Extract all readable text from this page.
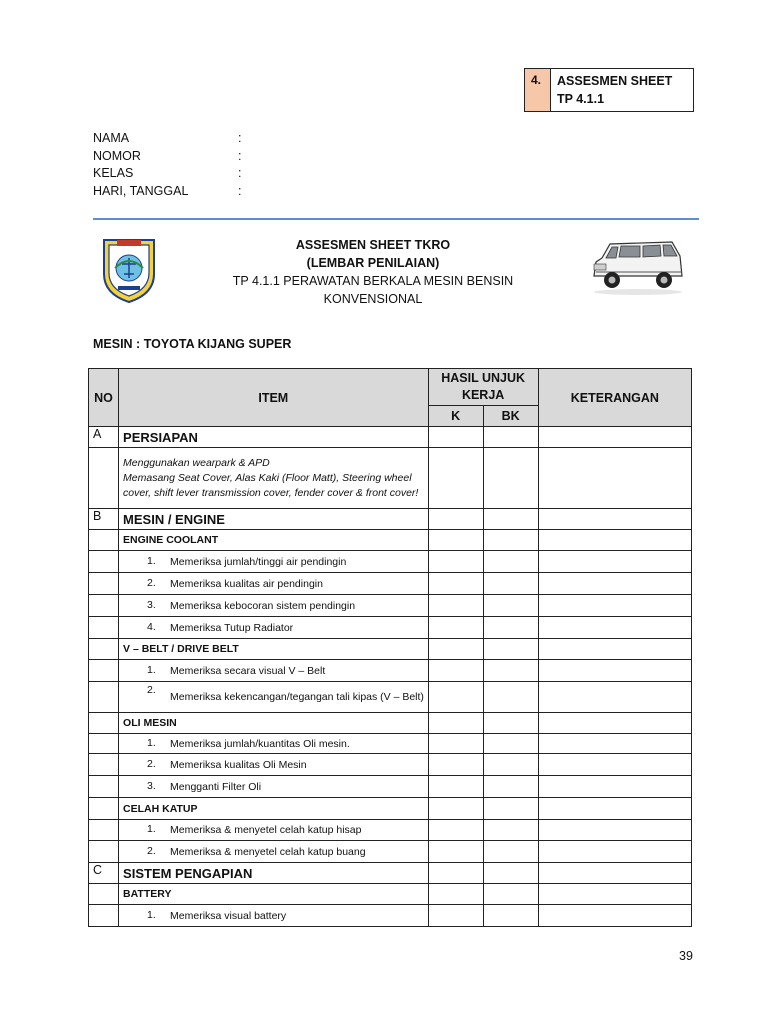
4.	ASSESMEN SHEET
TP 4.1.1
NAMA	:
NOMOR	:
KELAS	:
HARI, TANGGAL	:
ASSESMEN SHEET TKRO
(LEMBAR PENILAIAN)
TP 4.1.1 PERAWATAN BERKALA MESIN BENSIN
KONVENSIONAL
MESIN : TOYOTA KIJANG SUPER
NO	ITEM	HASIL UNJUK KERJA		KETERANGAN
		K	BK	
A	PERSIAPAN			

	Menggunakan wearpark & APD
Memasang Seat Cover, Alas Kaki (Floor Matt), Steering wheel cover, shift lever transmission cover, fender cover & front cover!			

B	MESIN / ENGINE			
	ENGINE COOLANT			

	1. Memeriksa jumlah/tinggi air pendingin			

	2. Memeriksa kualitas air pendingin			

	3. Memeriksa kebocoran sistem pendingin			

	4. Memeriksa Tutup Radiator			

	V – BELT / DRIVE BELT			

	1. Memeriksa secara visual V – Belt			

	2.
Memeriksa kekencangan/tegangan tali kipas (V – Belt)			

	OLI MESIN			

	1. Memeriksa jumlah/kuantitas Oli mesin.			

	2. Memeriksa kualitas Oli Mesin			

	3. Mengganti Filter Oli			

	CELAH KATUP			

	1. Memeriksa & menyetel celah katup hisap			

	2. Memeriksa & menyetel celah katup buang			

C	SISTEM PENGAPIAN			
	BATTERY			

	1. Memeriksa visual battery			

39
